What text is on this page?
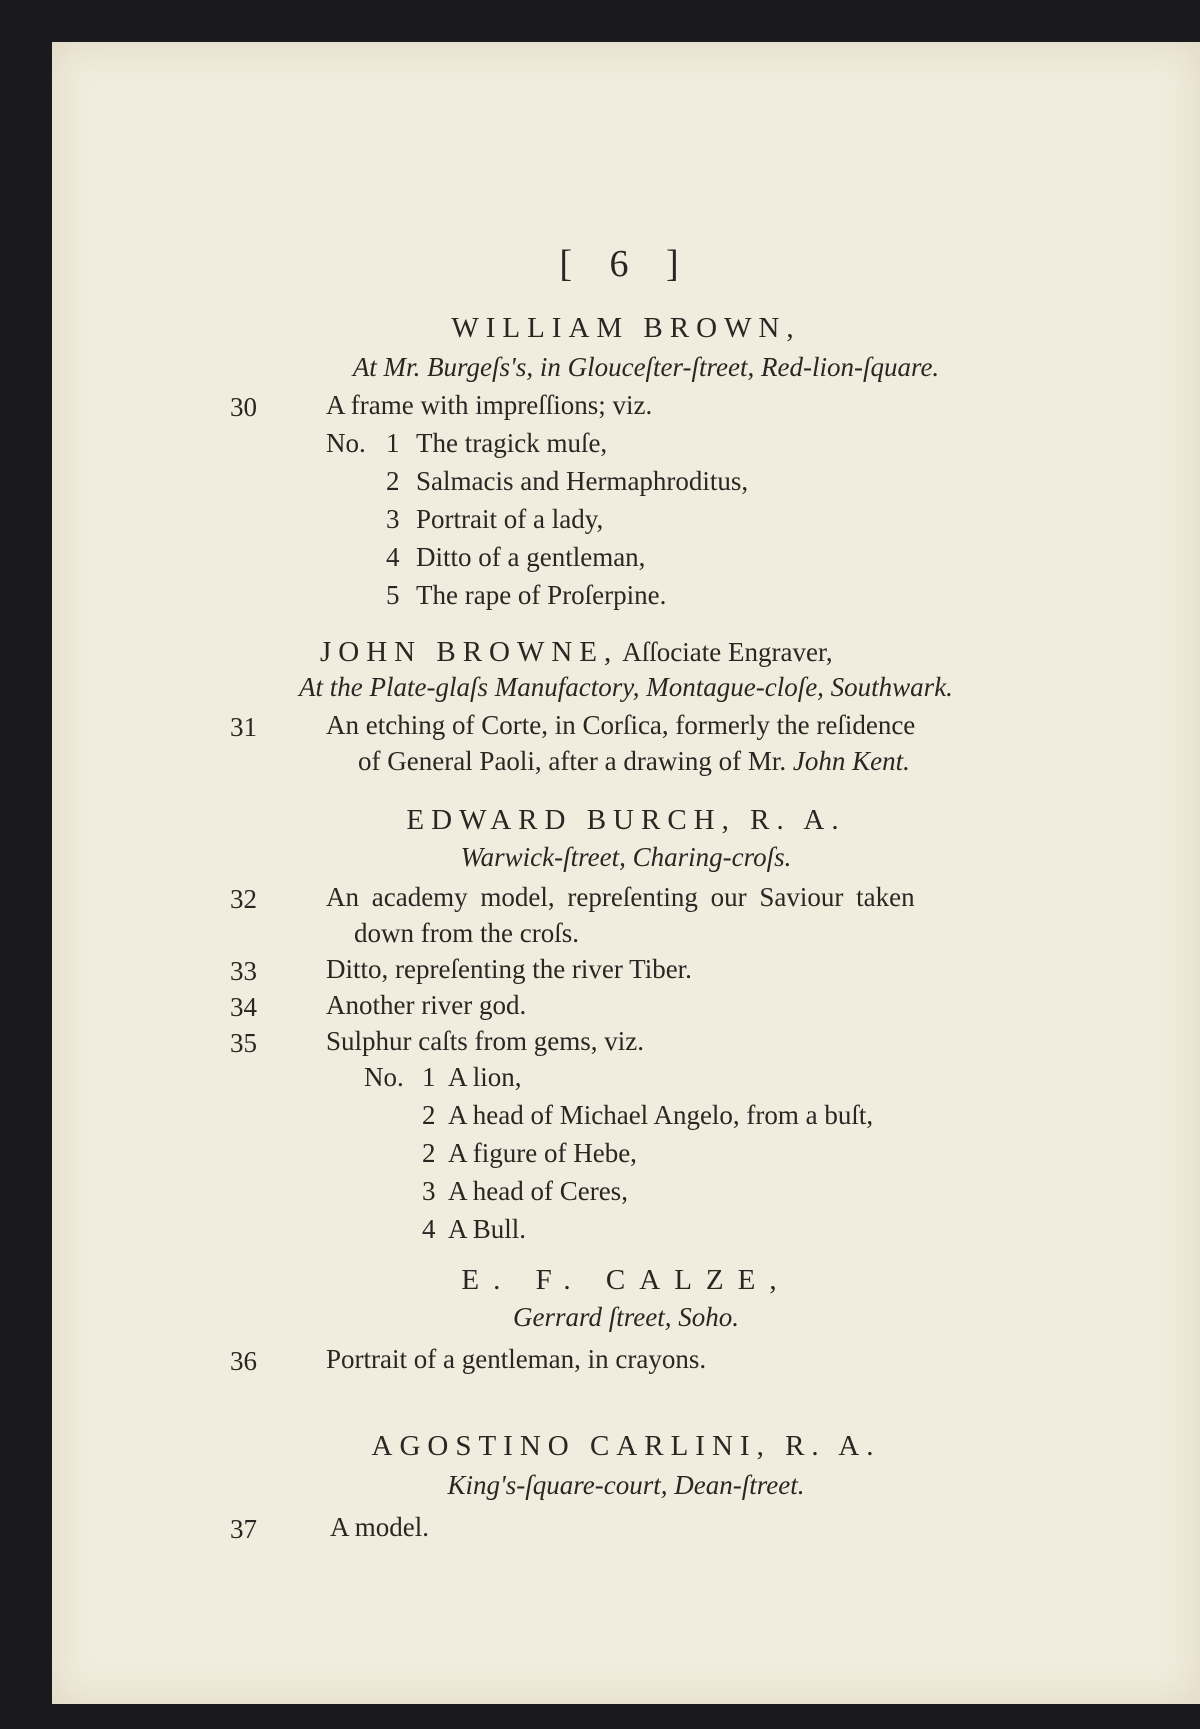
[ 6 ]
WILLIAM BROWN,
At Mr. Burgeſs's, in Glouceſter-ſtreet, Red-lion-ſquare.
30	A frame with impreſſions; viz.
No. 1 The tragick muſe,
2 Salmacis and Hermaphroditus,
3 Portrait of a lady,
4 Ditto of a gentleman,
5 The rape of Proſerpine.
JOHN BROWNE, Aſſociate Engraver,
At the Plate-glaſs Manufactory, Montague-cloſe, Southwark.
31	An etching of Corte, in Corſica, formerly the reſidence
of General Paoli, after a drawing of Mr. John Kent.
EDWARD BURCH, R. A.
Warwick-ſtreet, Charing-croſs.
32	An academy model, repreſenting our Saviour taken
down from the croſs.
33	Ditto, repreſenting the river Tiber.
34	Another river god.
35	Sulphur caſts from gems, viz.
No. 1 A lion,
2 A head of Michael Angelo, from a buſt,
2 A figure of Hebe,
3 A head of Ceres,
4 A Bull.
E. F. CALZE,
Gerrard ſtreet, Soho.
36	Portrait of a gentleman, in crayons.
AGOSTINO CARLINI, R. A.
King's-ſquare-court, Dean-ſtreet.
37	A model.
